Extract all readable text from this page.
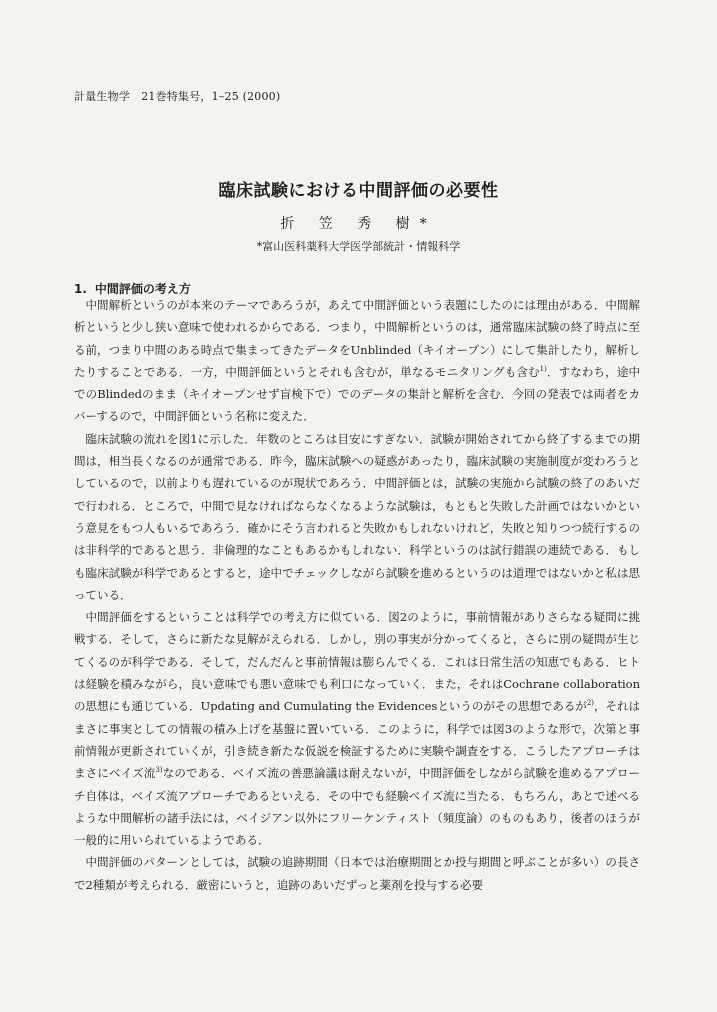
計量生物学　21巻特集号，1–25 (2000)
臨床試験における中間評価の必要性
折 笠 秀 樹*
*富山医科薬科大学医学部統計・情報科学
1. 中間評価の考え方

中間解析というのが本来のテーマであろうが，あえて中間評価という表題にしたのには理由がある．中間解析というと少し狭い意味で使われるからである．つまり，中間解析というのは，通常臨床試験の終了時点に至る前，つまり中間のある時点で集まってきたデータをUnblinded（キイオープン）にして集計したり，解析したりすることである．一方，中間評価というとそれも含むが，単なるモニタリングも含む$^{1)}$．すなわち，途中でのBlindedのまま（キイオープンせず盲検下で）でのデータの集計と解析を含む．今回の発表では両者をカバーするので，中間評価という名称に変えた．

臨床試験の流れを図1に示した．年数のところは目安にすぎない．試験が開始されてから終了するまでの期間は，相当長くなるのが通常である．昨今，臨床試験への疑惑があったり，臨床試験の実施制度が変わろうとしているので，以前よりも遅れているのが現状であろう．中間評価とは，試験の実施から試験の終了のあいだで行われる．ところで，中間で見なければならなくなるような試験は，もともと失敗した計画ではないかという意見をもつ人もいるであろう．確かにそう言われると失敗かもしれないけれど，失敗と知りつつ続行するのは非科学的であると思う．非倫理的なこともあるかもしれない．科学というのは試行錯誤の連続である．もしも臨床試験が科学であるとすると，途中でチェックしながら試験を進めるというのは道理ではないかと私は思っている．

中間評価をするということは科学での考え方に似ている．図2のように，事前情報がありさらなる疑問に挑戦する．そして，さらに新たな見解がえられる．しかし，別の事実が分かってくると，さらに別の疑問が生じてくるのが科学である．そして，だんだんと事前情報は膨らんでくる．これは日常生活の知恵でもある．ヒトは経験を積みながら，良い意味でも悪い意味でも利口になっていく．また，それはCochrane collaborationの思想にも通じている．Updating and Cumulating the Evidencesというのがその思想であるが$^{2)}$，それはまさに事実としての情報の積み上げを基盤に置いている．このように，科学では図3のような形で，次第と事前情報が更新されていくが，引き続き新たな仮説を検証するために実験や調査をする．こうしたアプローチはまさにベイズ流$^{3)}$なのである．ベイズ流の善悪論議は耐えないが，中間評価をしながら試験を進めるアプローチ自体は，ベイズ流アプローチであるといえる．その中でも経験ベイズ流に当たる．もちろん，あとで述べるような中間解析の諸手法には，ベイジアン以外にフリーケンティスト（頻度論）のものもあり，後者のほうが一般的に用いられているようである．

中間評価のパターンとしては，試験の追跡期間（日本では治療期間とか投与期間と呼ぶことが多い）の長さで2種類が考えられる．厳密にいうと，追跡のあいだずっと薬剤を投与する必要
